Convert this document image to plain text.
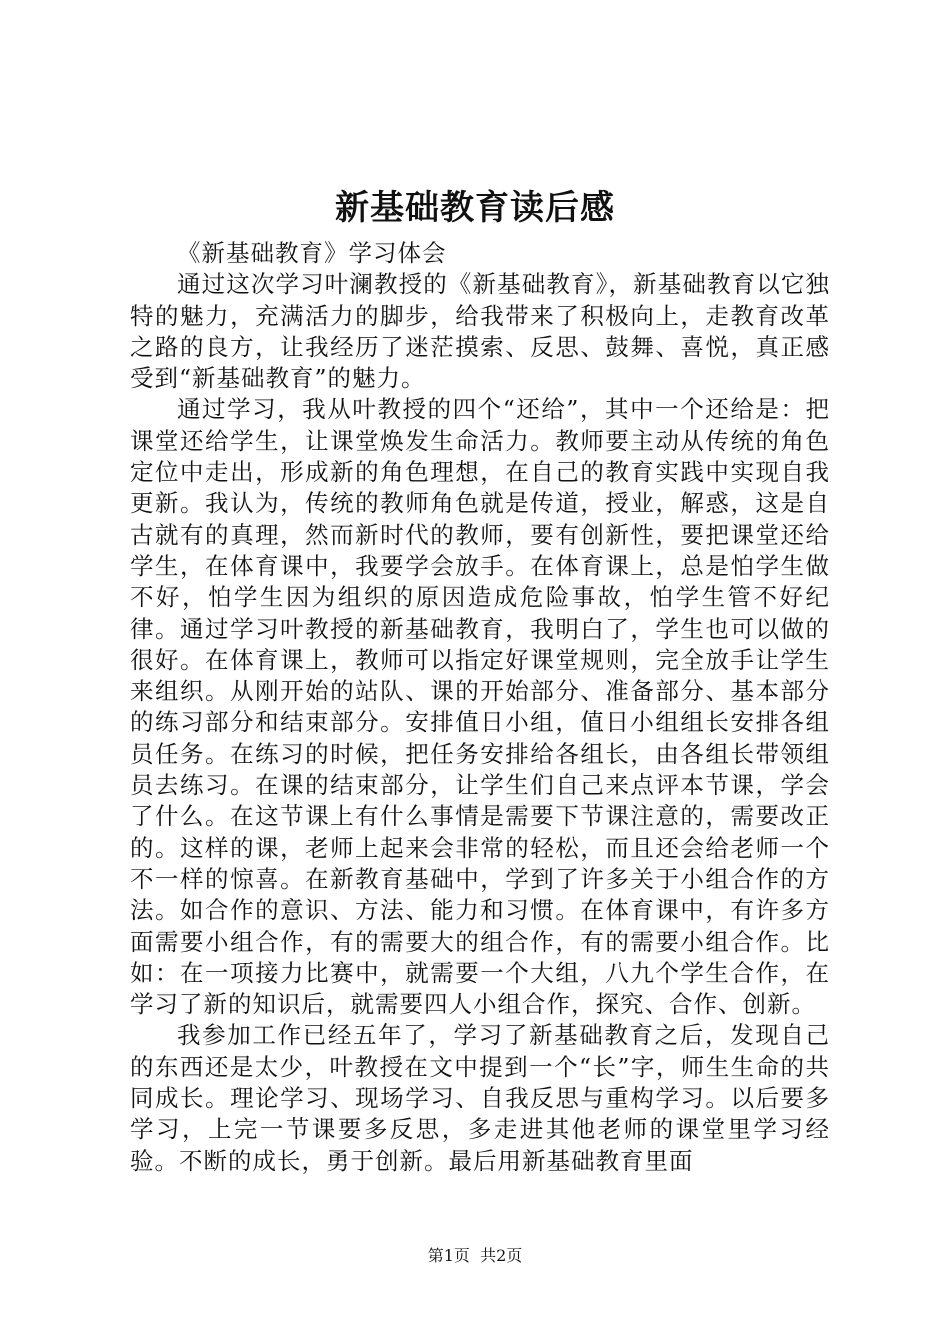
新基础教育读后感

《新基础教育》学习体会

通过这次学习叶澜教授的《新基础教育》，新基础教育以它独特的魅力，充满活力的脚步，给我带来了积极向上，走教育改革之路的良方，让我经历了迷茫摸索、反思、鼓舞、喜悦，真正感受到“新基础教育”的魅力。

通过学习，我从叶教授的四个“还给”，其中一个还给是：把课堂还给学生，让课堂焕发生命活力。教师要主动从传统的角色定位中走出，形成新的角色理想，在自己的教育实践中实现自我更新。我认为，传统的教师角色就是传道，授业，解惑，这是自古就有的真理，然而新时代的教师，要有创新性，要把课堂还给学生，在体育课中，我要学会放手。在体育课上，总是怕学生做不好，怕学生因为组织的原因造成危险事故，怕学生管不好纪律。通过学习叶教授的新基础教育，我明白了，学生也可以做的很好。在体育课上，教师可以指定好课堂规则，完全放手让学生来组织。从刚开始的站队、课的开始部分、准备部分、基本部分的练习部分和结束部分。安排值日小组，值日小组组长安排各组员任务。在练习的时候，把任务安排给各组长，由各组长带领组员去练习。在课的结束部分，让学生们自己来点评本节课，学会了什么。在这节课上有什么事情是需要下节课注意的，需要改正的。这样的课，老师上起来会非常的轻松，而且还会给老师一个不一样的惊喜。在新教育基础中，学到了许多关于小组合作的方法。如合作的意识、方法、能力和习惯。在体育课中，有许多方面需要小组合作，有的需要大的组合作，有的需要小组合作。比如：在一项接力比赛中，就需要一个大组，八九个学生合作，在学习了新的知识后，就需要四人小组合作，探究、合作、创新。

我参加工作已经五年了，学习了新基础教育之后，发现自己的东西还是太少，叶教授在文中提到一个“长”字，师生生命的共同成长。理论学习、现场学习、自我反思与重构学习。以后要多学习，上完一节课要多反思，多走进其他老师的课堂里学习经验。不断的成长，勇于创新。最后用新基础教育里面

第1页 共2页
